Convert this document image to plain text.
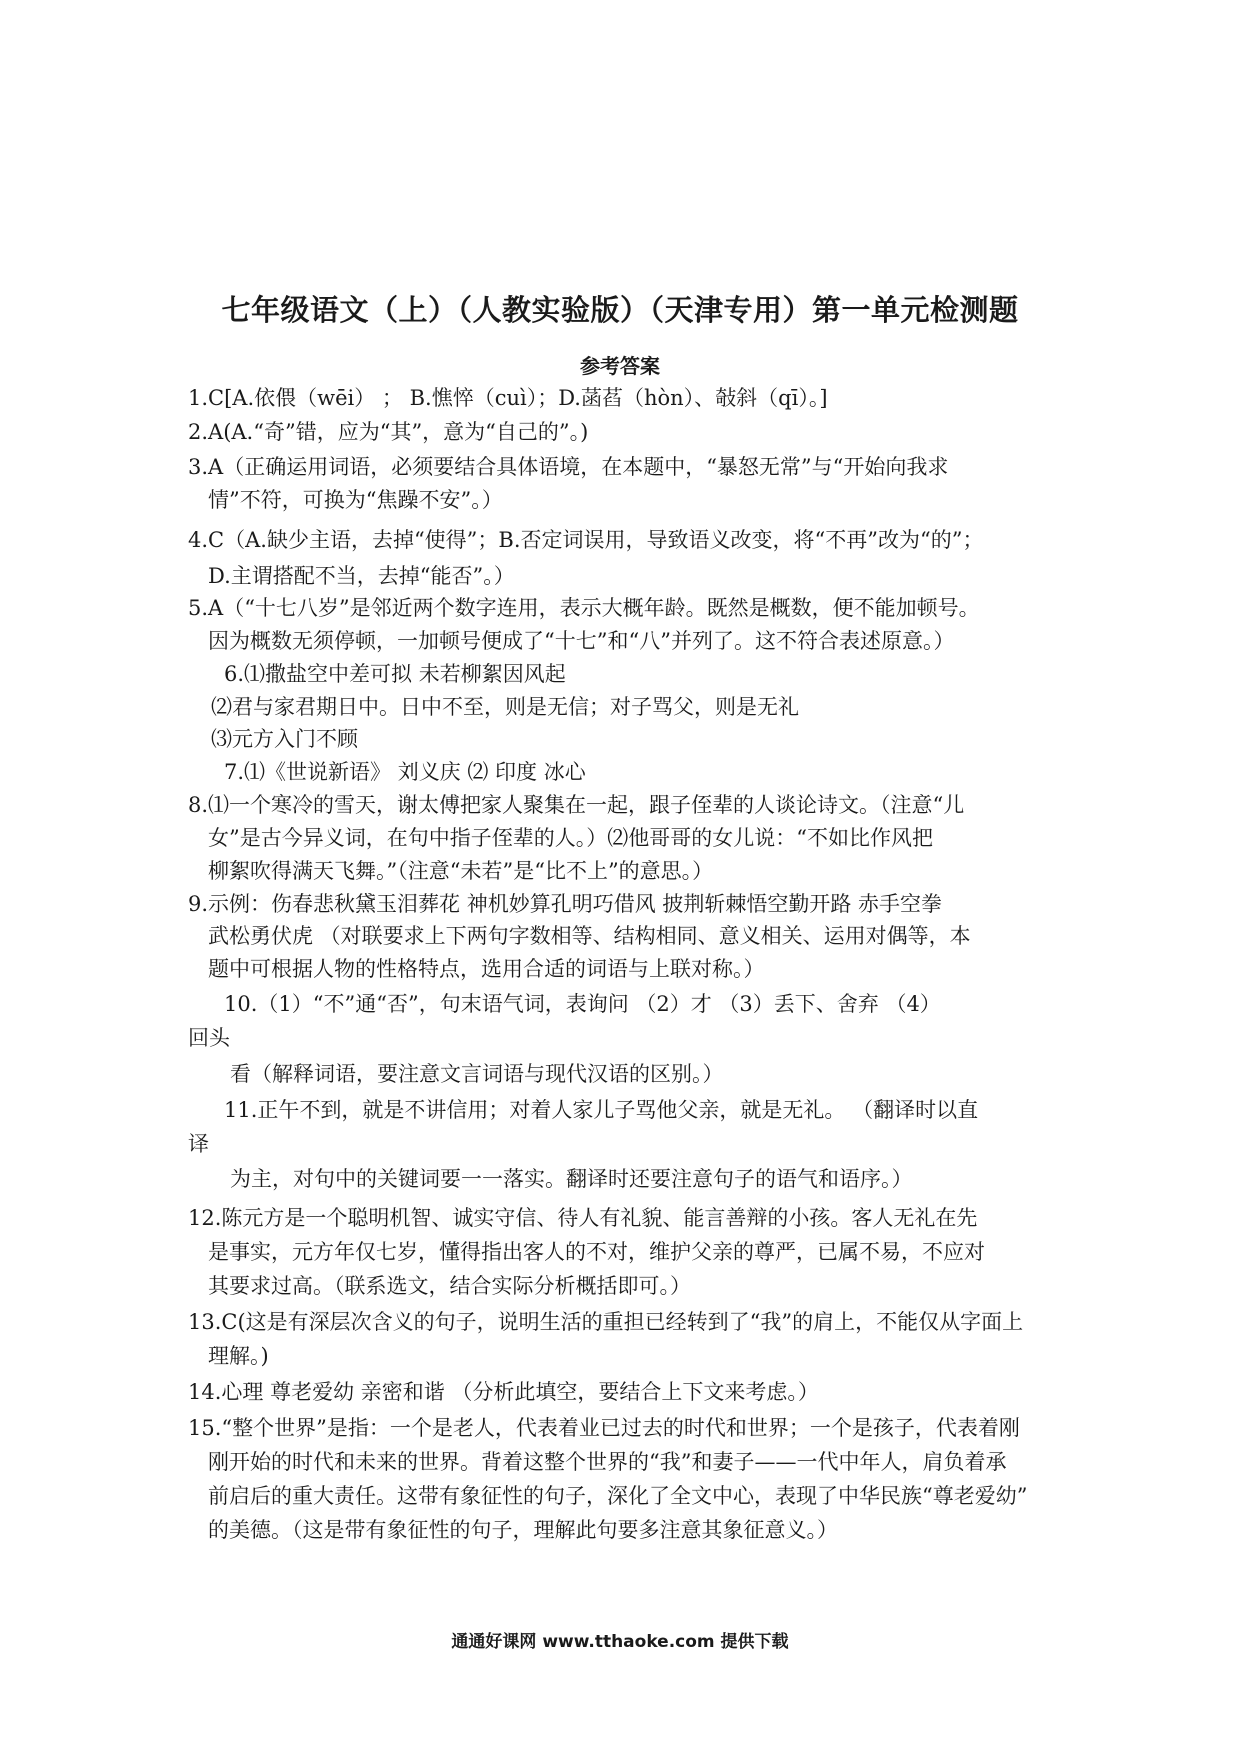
七年级语文（上）（人教实验版）（天津专用）第一单元检测题
参考答案

1.C[A.依偎（wēi） ； B.憔悴（cuì）；D.菡萏（hòn）、敧斜（qī）。]

2.A(A.“奇”错，应为“其”，意为“自己的”。)

3.A（正确运用词语，必须要结合具体语境，在本题中，“暴怒无常”与“开始向我求

情”不符，可换为“焦躁不安”。）

4.C（A.缺少主语，去掉“使得”；B.否定词误用，导致语义改变，将“不再”改为“的”；

D.主谓搭配不当，去掉“能否”。）

5.A（“十七八岁”是邻近两个数字连用，表示大概年龄。既然是概数，便不能加顿号。

因为概数无须停顿，一加顿号便成了“十七”和“八”并列了。这不符合表述原意。）

6.⑴撒盐空中差可拟 未若柳絮因风起

⑵君与家君期日中。日中不至，则是无信；对子骂父，则是无礼

⑶元方入门不顾

7.⑴《世说新语》 刘义庆 ⑵ 印度 冰心

8.⑴一个寒冷的雪天，谢太傅把家人聚集在一起，跟子侄辈的人谈论诗文。（注意“儿

女”是古今异义词，在句中指子侄辈的人。）⑵他哥哥的女儿说：“不如比作风把

柳絮吹得满天飞舞。”（注意“未若”是“比不上”的意思。）

9.示例：伤春悲秋黛玉泪葬花 神机妙算孔明巧借风 披荆斩棘悟空勤开路 赤手空拳

武松勇伏虎 （对联要求上下两句字数相等、结构相同、意义相关、运用对偶等，本

题中可根据人物的性格特点，选用合适的词语与上联对称。）

10.（1）“不”通“否”，句末语气词，表询问 （2）才 （3）丢下、舍弃 （4）

回头

看（解释词语，要注意文言词语与现代汉语的区别。）

11.正午不到，就是不讲信用；对着人家儿子骂他父亲，就是无礼。 （翻译时以直

译

为主，对句中的关键词要一一落实。翻译时还要注意句子的语气和语序。）

12.陈元方是一个聪明机智、诚实守信、待人有礼貌、能言善辩的小孩。客人无礼在先

是事实，元方年仅七岁，懂得指出客人的不对，维护父亲的尊严，已属不易，不应对

其要求过高。（联系选文，结合实际分析概括即可。）

13.C(这是有深层次含义的句子，说明生活的重担已经转到了“我”的肩上，不能仅从字面上

理解。)

14.心理 尊老爱幼 亲密和谐 （分析此填空，要结合上下文来考虑。）

15.“整个世界”是指：一个是老人，代表着业已过去的时代和世界；一个是孩子，代表着刚

刚开始的时代和未来的世界。背着这整个世界的“我”和妻子——一代中年人，肩负着承

前启后的重大责任。这带有象征性的句子，深化了全文中心，表现了中华民族“尊老爱幼”

的美德。（这是带有象征性的句子，理解此句要多注意其象征意义。）

通通好课网 www.tthaoke.com 提供下载
